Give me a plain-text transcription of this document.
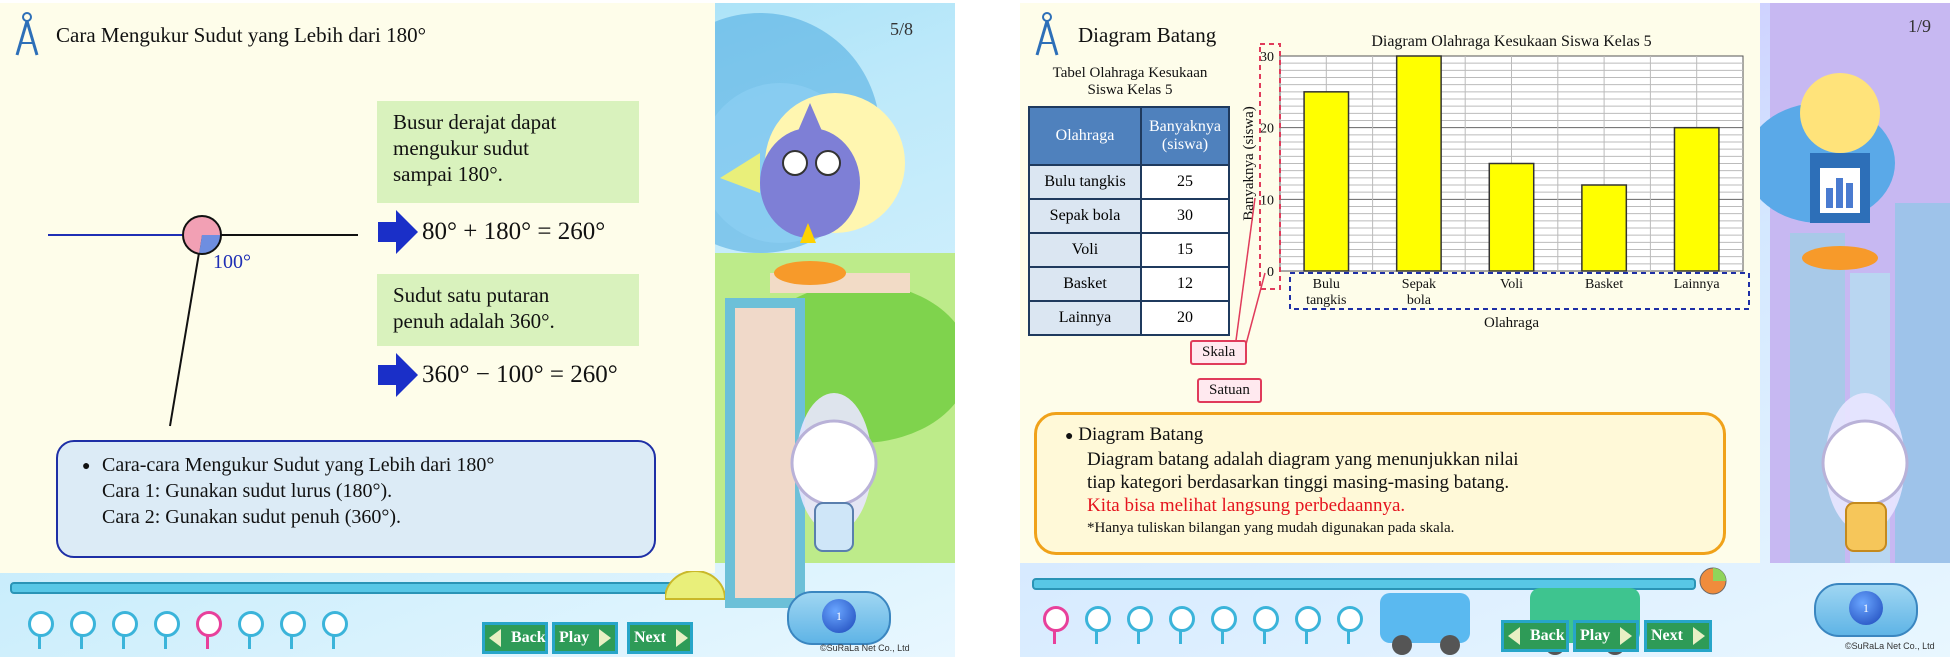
Cara Mengukur Sudut yang Lebih dari 180°	5/8
100°
Busur derajat dapat
mengukur sudut
sampai 180°.
80° + 180° = 260°
Sudut satu putaran
penuh adalah 360°.
360° − 100° = 260°
● Cara-cara Mengukur Sudut yang Lebih dari 180°
Cara 1: Gunakan sudut lurus (180°).
Cara 2: Gunakan sudut penuh (360°).
Back Play	Next
1
©SuRaLa Net Co., Ltd
Diagram Batang	1/9
Tabel Olahraga Kesukaan
Siswa Kelas 5
Olahraga	Banyaknya (siswa)
Bulu tangkis	25
Sepak bola	30
Voli	15
Basket	12
Lainnya	20
Diagram Olahraga Kesukaan Siswa Kelas 5
0
10
20
30
Bulu
tangkis
Sepak
bola
Voli	Basket	Lainnya
Olahraga
Banyaknya (siswa)
Skala
Satuan
● Diagram Batang
Diagram batang adalah diagram yang menunjukkan nilai
tiap kategori berdasarkan tinggi masing-masing batang.
Kita bisa melihat langsung perbedaannya.
*Hanya tuliskan bilangan yang mudah digunakan pada skala.
Back Play	Next
1
©SuRaLa Net Co., Ltd
